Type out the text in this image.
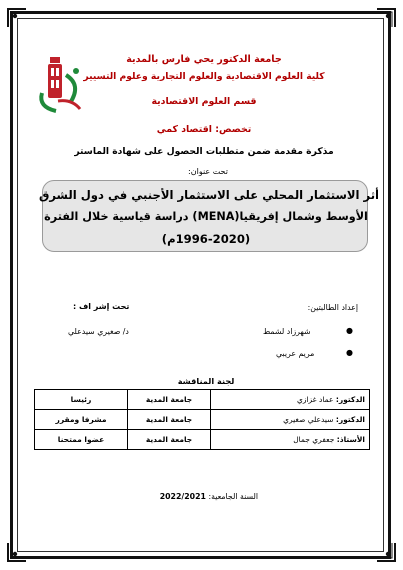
جامعة الدكتور يحي فارس بالمدية
كلية العلوم الاقتصادية والعلوم التجارية وعلوم التسيير
قسم العلوم الاقتصادية
تخصص: اقتصاد كمي
مذكرة مقدمة ضمن متطلبات الحصول على شهادة الماستر
تحت عنوان:
أثر الاستثمار المحلي على الاستثمار الأجنبي في دول الشرق
الأوسط وشمال إفريقيا(MENA) دراسة قياسية خلال الفترة
(1996-2020م)
إعداد الطالبتين:
شهرزاد لشمط	●
مريم عريبي	●
تحت إشر اف :
د/ صغيري سيدعلي
لجنة المناقشة
الدكتور: عماد غزازي	جامعة المدية	رئيسا
الدكتور: سيدعلي صغيري	جامعة المدية	مشرفا ومقرر
الأستاذ: جعفري جمال	جامعة المدية	عضوا ممتحنا
السنة الجامعية: 2022/2021
